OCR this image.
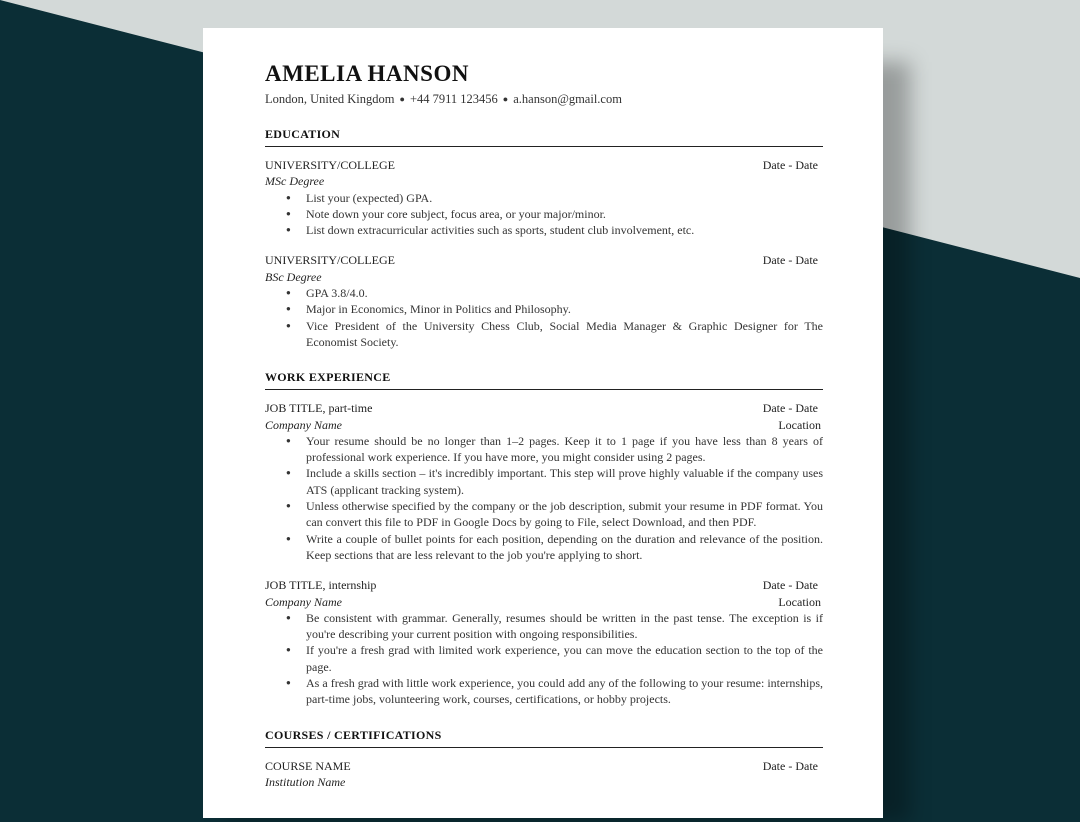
AMELIA HANSON
London, United Kingdom ● +44 7911 123456 ● a.hanson@gmail.com
EDUCATION
UNIVERSITY/COLLEGE	Date - Date
MSc Degree
● List your (expected) GPA.
● Note down your core subject, focus area, or your major/minor.
● List down extracurricular activities such as sports, student club involvement, etc.
UNIVERSITY/COLLEGE	Date - Date
BSc Degree
● GPA 3.8/4.0.
● Major in Economics, Minor in Politics and Philosophy.
● Vice President of the University Chess Club, Social Media Manager & Graphic Designer for The Economist Society.
WORK EXPERIENCE
JOB TITLE, part-time	Date - Date
Company Name	Location
● Your resume should be no longer than 1–2 pages. Keep it to 1 page if you have less than 8 years of professional work experience. If you have more, you might consider using 2 pages.
● Include a skills section – it's incredibly important. This step will prove highly valuable if the company uses ATS (applicant tracking system).
● Unless otherwise specified by the company or the job description, submit your resume in PDF format. You can convert this file to PDF in Google Docs by going to File, select Download, and then PDF.
● Write a couple of bullet points for each position, depending on the duration and relevance of the position. Keep sections that are less relevant to the job you're applying to short.
JOB TITLE, internship	Date - Date
Company Name	Location
● Be consistent with grammar. Generally, resumes should be written in the past tense. The exception is if you're describing your current position with ongoing responsibilities.
● If you're a fresh grad with limited work experience, you can move the education section to the top of the page.
● As a fresh grad with little work experience, you could add any of the following to your resume: internships, part-time jobs, volunteering work, courses, certifications, or hobby projects.
COURSES / CERTIFICATIONS
COURSE NAME	Date - Date
Institution Name
